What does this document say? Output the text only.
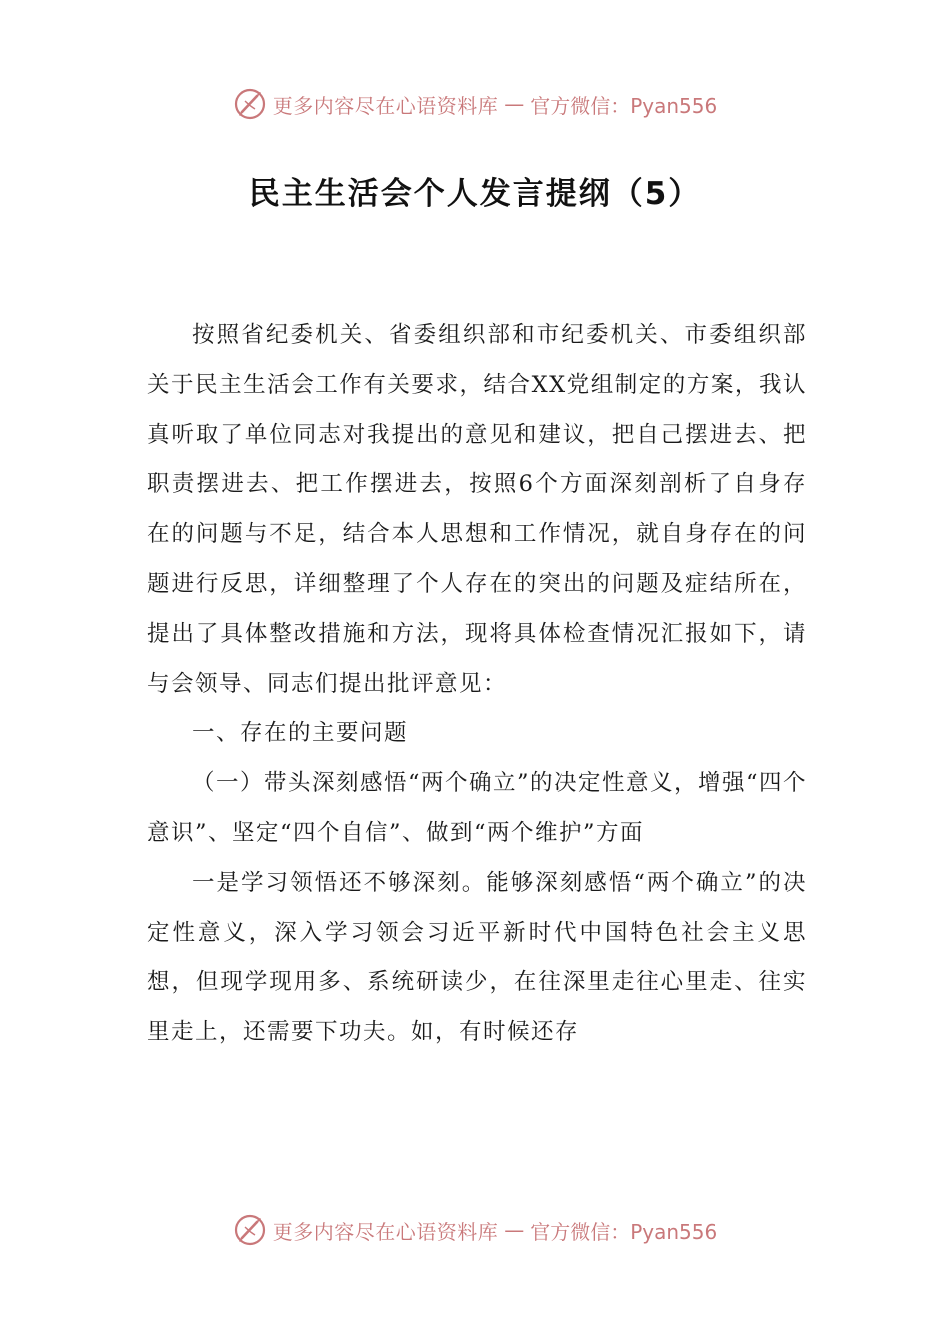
更多内容尽在心语资料库 — 官方微信：Pyan556
民主生活会个人发言提纲（5）

按照省纪委机关、省委组织部和市纪委机关、市委组织部关于民主生活会工作有关要求，结合XX党组制定的方案，我认真听取了单位同志对我提出的意见和建议，把自己摆进去、把职责摆进去、把工作摆进去，按照6个方面深刻剖析了自身存在的问题与不足，结合本人思想和工作情况，就自身存在的问题进行反思，详细整理了个人存在的突出的问题及症结所在，提出了具体整改措施和方法，现将具体检查情况汇报如下，请与会领导、同志们提出批评意见：

一、存在的主要问题

（一）带头深刻感悟“两个确立”的决定性意义，增强“四个意识”、坚定“四个自信”、做到“两个维护”方面

一是学习领悟还不够深刻。能够深刻感悟“两个确立”的决定性意义，深入学习领会习近平新时代中国特色社会主义思想，但现学现用多、系统研读少，在往深里走往心里走、往实里走上，还需要下功夫。如，有时候还存

更多内容尽在心语资料库 — 官方微信：Pyan556
